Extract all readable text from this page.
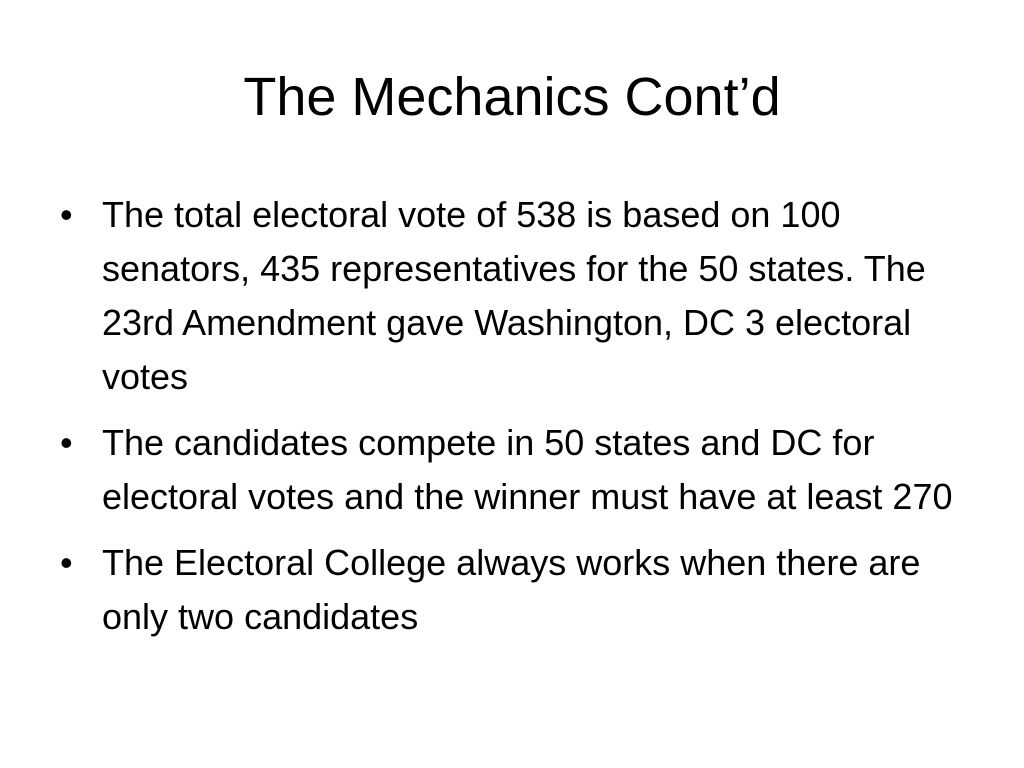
The Mechanics Cont’d
• The total electoral vote of 538 is based on 100 senators, 435 representatives for the 50 states. The 23rd Amendment gave Washington, DC 3 electoral votes
• The candidates compete in 50 states and DC for electoral votes and the winner must have at least 270
• The Electoral College always works when there are only two candidates
